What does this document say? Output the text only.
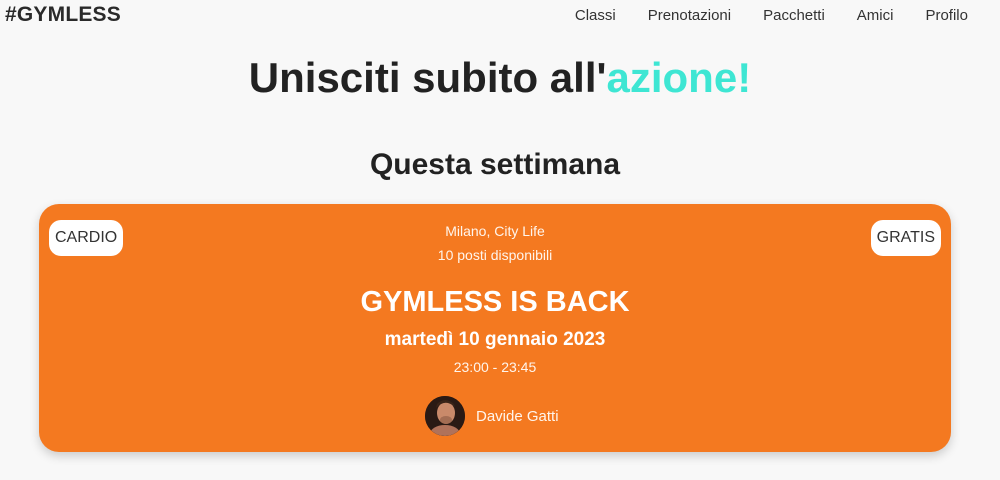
#GYMLESS	Classi Prenotazioni Pacchetti Amici Profilo
Unisciti subito all'azione!
Questa settimana
CARDIO	GRATIS
Milano, City Life
10 posti disponibili
GYMLESS IS BACK
martedì 10 gennaio 2023
23:00 - 23:45
Davide Gatti
